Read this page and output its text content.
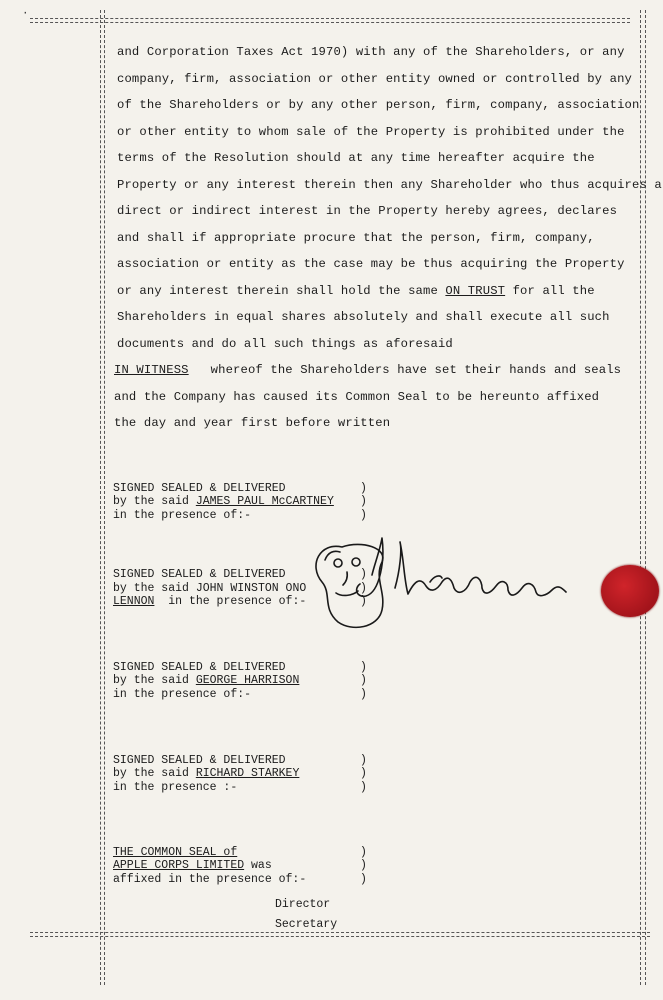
·
and Corporation Taxes Act 1970) with any of the Shareholders, or any
company, firm, association or other entity owned or controlled by any
of the Shareholders or by any other person, firm, company, association
or other entity to whom sale of the Property is prohibited under the
terms of the Resolution should at any time hereafter acquire the
Property or any interest therein then any Shareholder who thus acquires a
direct or indirect interest in the Property hereby agrees, declares
and shall if appropriate procure that the person, firm, company,
association or entity as the case may be thus acquiring the Property
or any interest therein shall hold the same ON TRUST for all the
Shareholders in equal shares absolutely and shall execute all such
documents and do all such things as aforesaid
IN WITNESS whereof the Shareholders have set their hands and seals
and the Company has caused its Common Seal to be hereunto affixed
the day and year first before written
SIGNED SEALED & DELIVERED
by the said JAMES PAUL McCARTNEY
in the presence of:-
)
)
)
SIGNED SEALED & DELIVERED
by the said JOHN WINSTON ONO
LENNON in the presence of:-
)
)
)
SIGNED SEALED & DELIVERED
by the said GEORGE HARRISON
in the presence of:-
)
)
)
SIGNED SEALED & DELIVERED
by the said RICHARD STARKEY
in the presence :-
)
)
)
THE COMMON SEAL of
APPLE CORPS LIMITED was
affixed in the presence of:-
)
)
)
Director
Secretary
